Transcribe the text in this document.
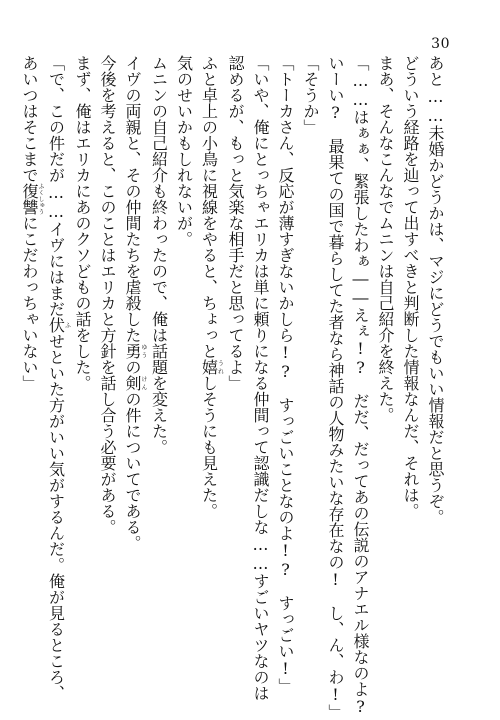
30
あと……未婚かどうかは、マジにどうでもいい情報だと思うぞ。
どういう経路を辿って出すべきと判断した情報なんだ、それは。
まあ、そんなこんなでムニンは自己紹介を終えた。
「……はぁぁ、緊張したわぁ――えぇ!?　だだ、だってあの伝説のアナエル様なのよ?
いーい?　最果ての国で暮らしてた者なら神話の人物みたいな存在なの!　し、ん、わ!」
「そうか」
「トーカさん、反応が薄すぎないかしら!?　すっごいことなのよ!?　すっごい!」
「いや、俺にとっちゃエリカは単に頼りになる仲間って認識だしな……すごいヤツなのは
認めるが、もっと気楽な相手だと思ってるよ」
ふと卓上の小鳥に視線をやると、ちょっと嬉うれしそうにも見えた。
気のせいかもしれないが。
ムニンの自己紹介も終わったので、俺は話題を変えた。
イヴの両親と、その仲間たちを虐殺した勇ゆうの剣けんの件についてである。
今後を考えると、このことはエリカと方針を話し合う必要がある。
まず、俺はエリカにあのクソどもの話をした。
「で、この件だが……イヴにはまだ伏ふせといた方がいい気がするんだ。俺が見るところ、
あいつはそこまで復讐ふくしゅうにこだわっちゃいない」
